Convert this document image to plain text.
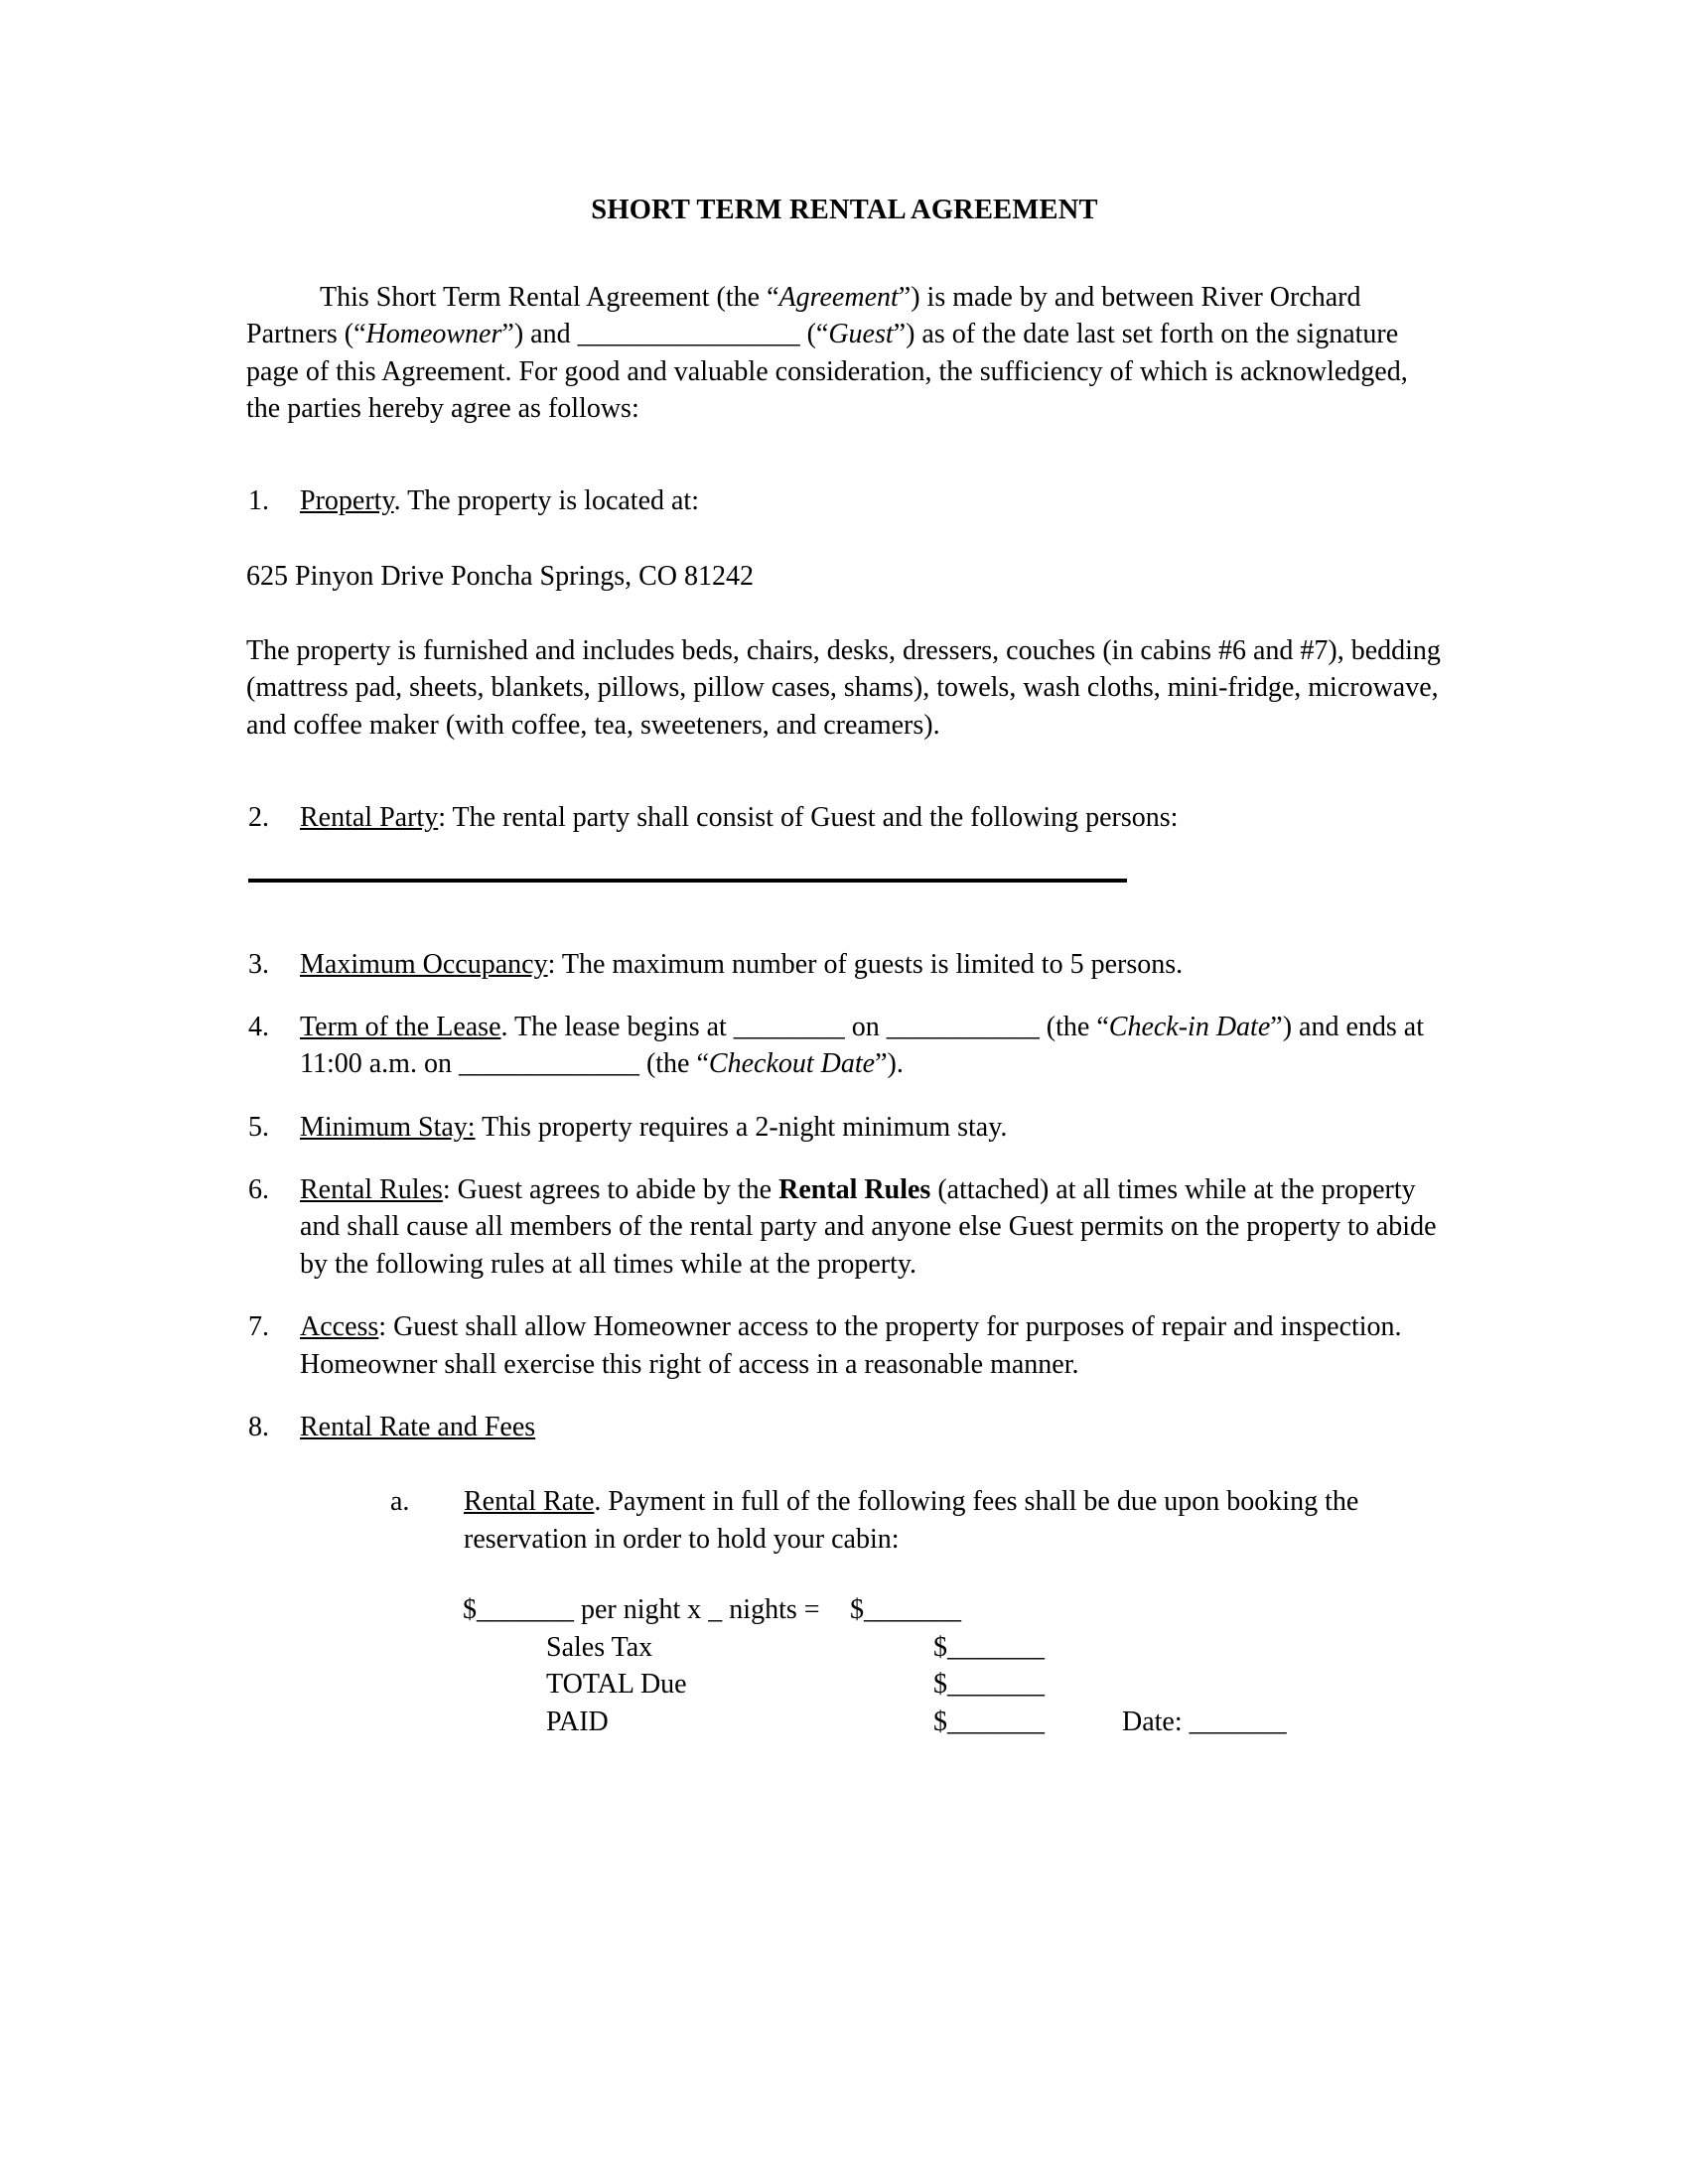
SHORT TERM RENTAL AGREEMENT

This Short Term Rental Agreement (the “Agreement”) is made by and between River Orchard Partners (“Homeowner”) and ________________ (“Guest”) as of the date last set forth on the signature page of this Agreement. For good and valuable consideration, the sufficiency of which is acknowledged, the parties hereby agree as follows:

1.	Property. The property is located at:

625 Pinyon Drive Poncha Springs, CO 81242

The property is furnished and includes beds, chairs, desks, dressers, couches (in cabins #6 and #7), bedding (mattress pad, sheets, blankets, pillows, pillow cases, shams), towels, wash cloths, mini-fridge, microwave, and coffee maker (with coffee, tea, sweeteners, and creamers).

2.	Rental Party: The rental party shall consist of Guest and the following persons:
3.	Maximum Occupancy: The maximum number of guests is limited to 5 persons.
4.	Term of the Lease. The lease begins at ________ on ___________ (the “Check-in Date”) and ends at 11:00 a.m. on _____________ (the “Checkout Date”).
5.	Minimum Stay: This property requires a 2-night minimum stay.
6.	Rental Rules: Guest agrees to abide by the Rental Rules (attached) at all times while at the property and shall cause all members of the rental party and anyone else Guest permits on the property to abide by the following rules at all times while at the property.
7.	Access: Guest shall allow Homeowner access to the property for purposes of repair and inspection. Homeowner shall exercise this right of access in a reasonable manner.
8.	Rental Rate and Fees
a.	Rental Rate. Payment in full of the following fees shall be due upon booking the reservation in order to hold your cabin:
$_______ per night x _ nights =	$_______
Sales Tax	$_______
TOTAL Due	$_______
PAID	$_______	Date: _______
